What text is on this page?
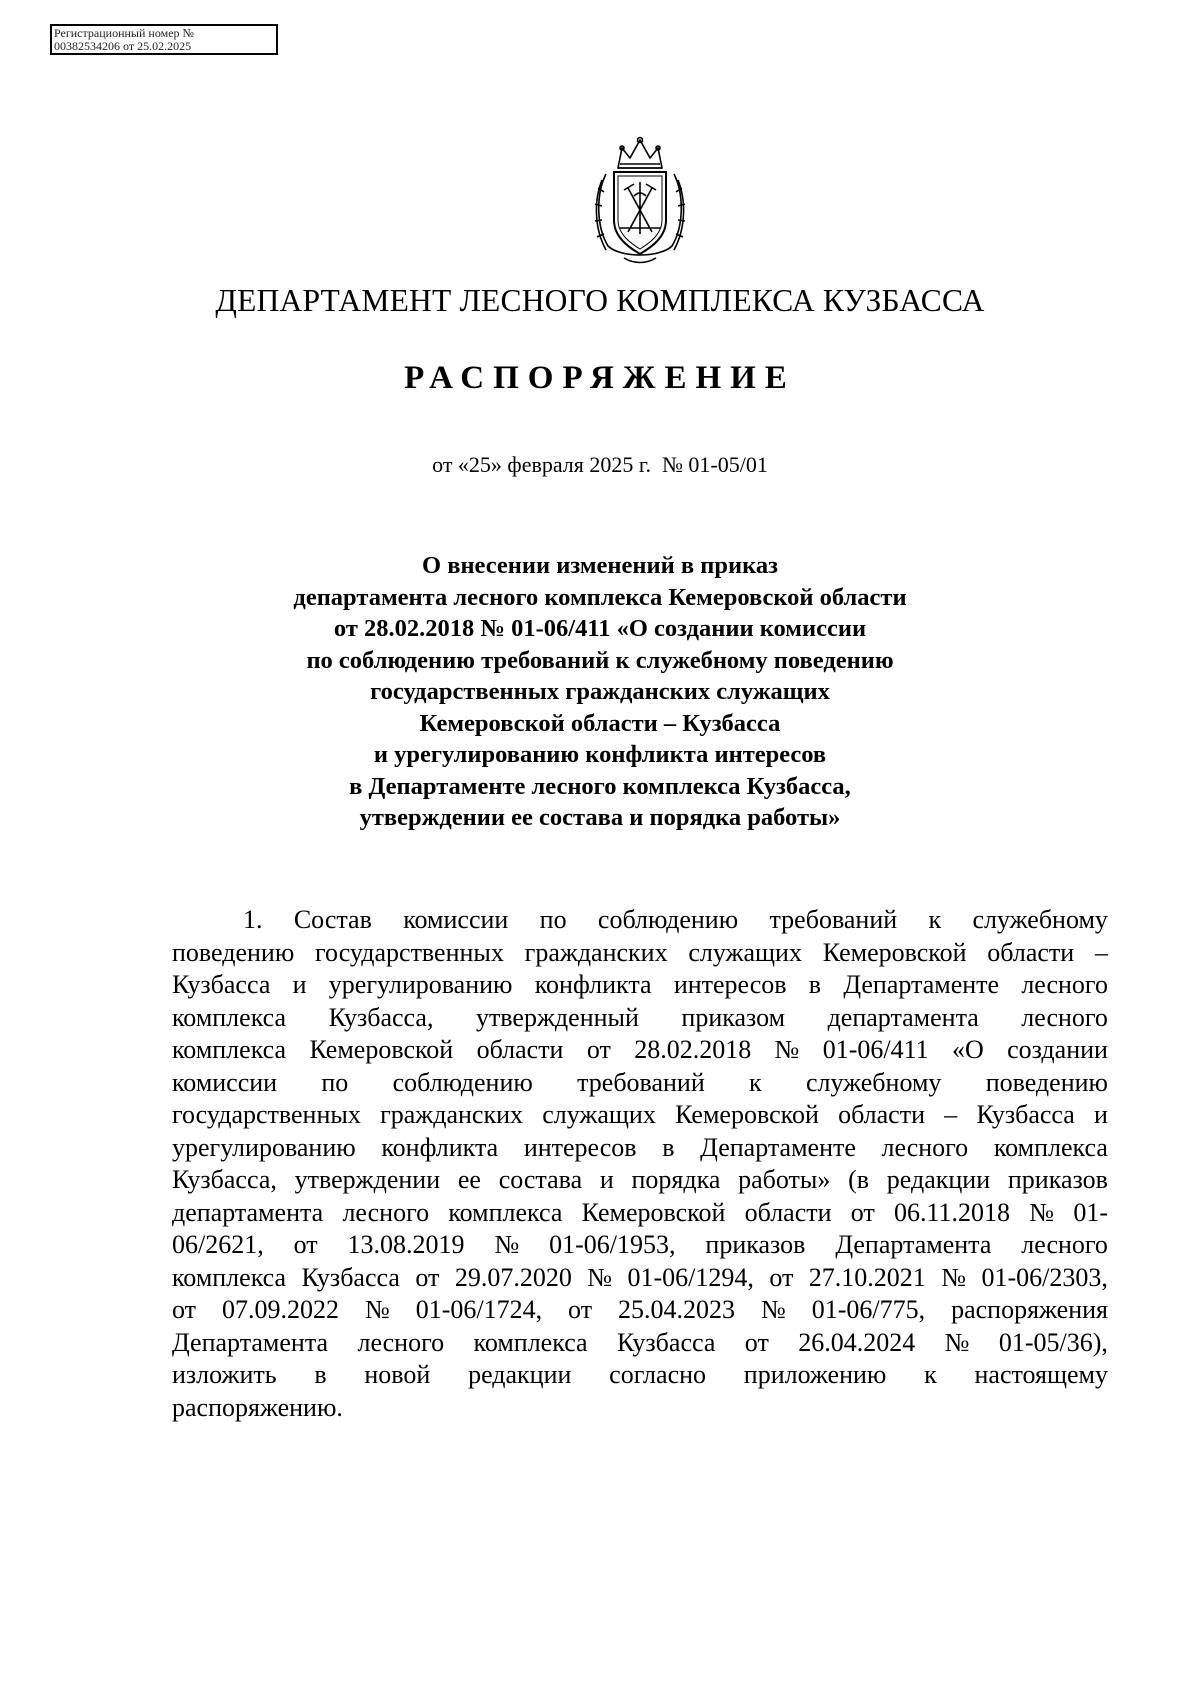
Регистрационный номер №
00382534206 от 25.02.2025
ДЕПАРТАМЕНТ ЛЕСНОГО КОМПЛЕКСА КУЗБАССА
РАСПОРЯЖЕНИЕ
от «25» февраля 2025 г.  № 01-05/01
О внесении изменений в приказ
департамента лесного комплекса Кемеровской области
от 28.02.2018 № 01-06/411 «О создании комиссии
по соблюдению требований к служебному поведению
государственных гражданских служащих
Кемеровской области – Кузбасса
и урегулированию конфликта интересов
в Департаменте лесного комплекса Кузбасса,
утверждении ее состава и порядка работы»
1. Состав комиссии по соблюдению требований к служебному
поведению государственных гражданских служащих Кемеровской области –
Кузбасса и урегулированию конфликта интересов в Департаменте лесного
комплекса Кузбасса, утвержденный приказом департамента лесного
комплекса Кемеровской области от 28.02.2018 № 01-06/411 «О создании
комиссии по соблюдению требований к служебному поведению
государственных гражданских служащих Кемеровской области – Кузбасса и
урегулированию конфликта интересов в Департаменте лесного комплекса
Кузбасса, утверждении ее состава и порядка работы» (в редакции приказов
департамента лесного комплекса Кемеровской области от 06.11.2018 № 01-
06/2621, от 13.08.2019 № 01-06/1953, приказов Департамента лесного
комплекса Кузбасса от 29.07.2020 № 01-06/1294, от 27.10.2021 № 01-06/2303,
от 07.09.2022 № 01-06/1724, от 25.04.2023 № 01-06/775, распоряжения
Департамента лесного комплекса Кузбасса от 26.04.2024 № 01-05/36),
изложить в новой редакции согласно приложению к настоящему
распоряжению.
